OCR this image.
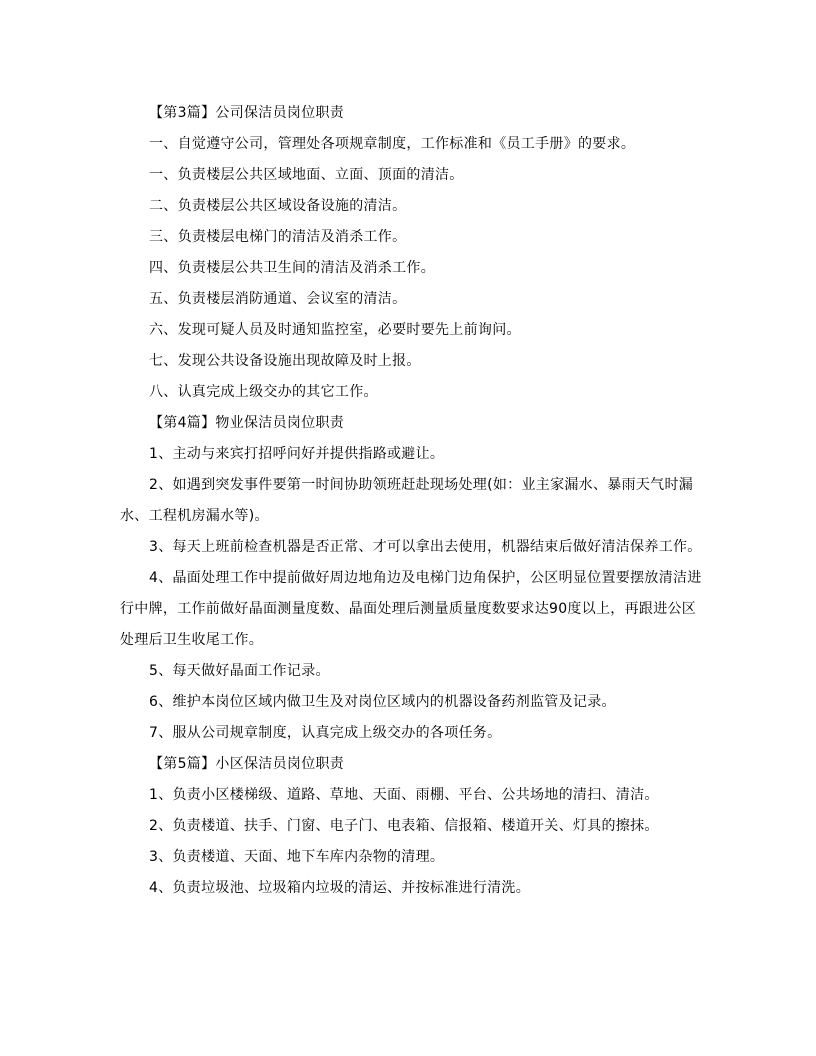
【第3篇】公司保洁员岗位职责

一、自觉遵守公司，管理处各项规章制度，工作标准和《员工手册》的要求。

一、负责楼层公共区域地面、立面、顶面的清洁。

二、负责楼层公共区域设备设施的清洁。

三、负责楼层电梯门的清洁及消杀工作。

四、负责楼层公共卫生间的清洁及消杀工作。

五、负责楼层消防通道、会议室的清洁。

六、发现可疑人员及时通知监控室，必要时要先上前询问。

七、发现公共设备设施出现故障及时上报。

八、认真完成上级交办的其它工作。

【第4篇】物业保洁员岗位职责

1、主动与来宾打招呼问好并提供指路或避让。

2、如遇到突发事件要第一时间协助领班赶赴现场处理(如：业主家漏水、暴雨天气时漏水、工程机房漏水等)。

3、每天上班前检查机器是否正常、才可以拿出去使用，机器结束后做好清洁保养工作。

4、晶面处理工作中提前做好周边地角边及电梯门边角保护，公区明显位置要摆放清洁进行中牌，工作前做好晶面测量度数、晶面处理后测量质量度数要求达90度以上，再跟进公区处理后卫生收尾工作。

5、每天做好晶面工作记录。

6、维护本岗位区域内做卫生及对岗位区域内的机器设备药剂监管及记录。

7、服从公司规章制度，认真完成上级交办的各项任务。

【第5篇】小区保洁员岗位职责

1、负责小区楼梯级、道路、草地、天面、雨棚、平台、公共场地的清扫、清洁。

2、负责楼道、扶手、门窗、电子门、电表箱、信报箱、楼道开关、灯具的擦抹。

3、负责楼道、天面、地下车库内杂物的清理。

4、负责垃圾池、垃圾箱内垃圾的清运、并按标准进行清洗。
